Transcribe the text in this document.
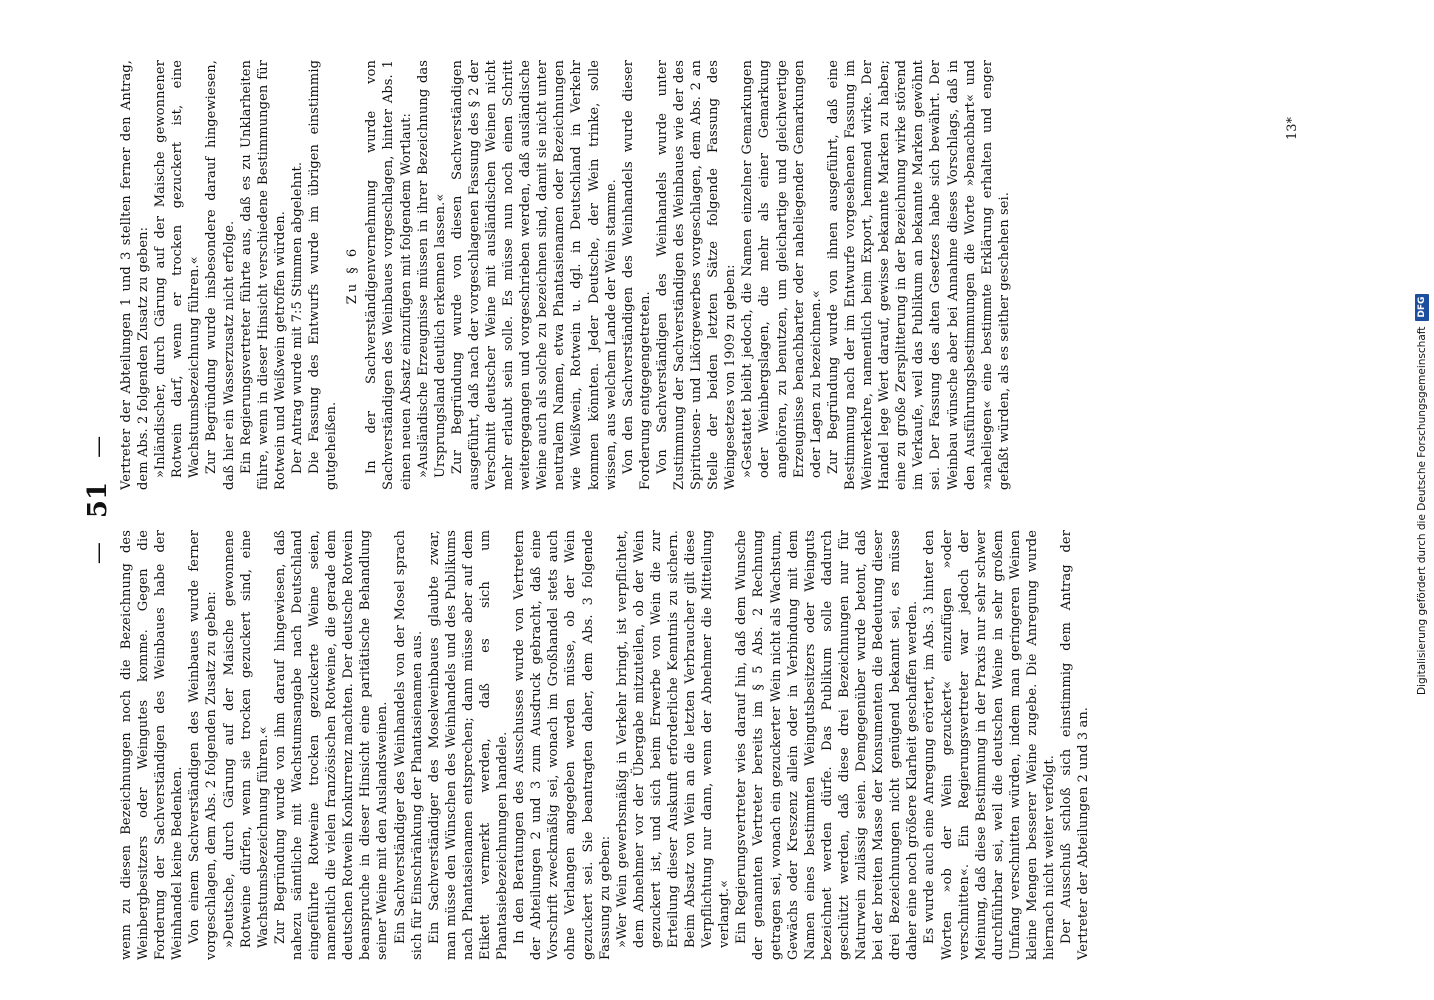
—
51
—

wenn zu diesen Bezeichnungen noch die Bezeichnung des Weinbergbesitzers oder Weingutes komme. Gegen die Forderung der Sachverständigen des Weinbaues habe der Weinhandel keine Bedenken. Von einem Sachverständigen des Weinbaues wurde ferner vorgeschlagen, dem Abs. 2 folgenden Zusatz zu geben: »Deutsche, durch Gärung auf der Maische gewonnene Rotweine dürfen, wenn sie trocken gezuckert sind, eine Wachstumsbezeichnung führen.« Zur Begründung wurde von ihm darauf hingewiesen, daß nahezu sämtliche mit Wachstumsangabe nach Deutschland eingeführte Rotweine trocken gezuckerte Weine seien, namentlich die vielen französischen Rotweine, die gerade dem deutschen Rotwein Konkurrenz machten. Der deutsche Rotwein beanspruche in dieser Hinsicht eine paritätische Behandlung seiner Weine mit den Auslandsweinen. Ein Sachverständiger des Weinhandels von der Mosel sprach sich für Einschränkung der Phantasienamen aus. Ein Sachverständiger des Moselweinbaues glaubte zwar, man müsse den Wünschen des Weinhandels und des Publikums nach Phantasienamen entsprechen; dann müsse aber auf dem Etikett vermerkt werden, daß es sich um Phantasiebezeichnungen handele. In den Beratungen des Ausschusses wurde von Vertretern der Abteilungen 2 und 3 zum Ausdruck gebracht, daß eine Vorschrift zweckmäßig sei, wonach im Großhandel stets auch ohne Verlangen angegeben werden müsse, ob der Wein gezuckert sei. Sie beantragten daher, dem Abs. 3 folgende Fassung zu geben: »Wer Wein gewerbsmäßig in Verkehr bringt, ist verpflichtet, dem Abnehmer vor der Übergabe mitzuteilen, ob der Wein gezuckert ist, und sich beim Erwerbe von Wein die zur Erteilung dieser Auskunft erforderliche Kenntnis zu sichern. Beim Absatz von Wein an die letzten Verbraucher gilt diese Verpflichtung nur dann, wenn der Abnehmer die Mitteilung verlangt.« Ein Regierungsvertreter wies darauf hin, daß dem Wunsche der genannten Vertreter bereits im § 5 Abs. 2 Rechnung getragen sei, wonach ein gezuckerter Wein nicht als Wachstum, Gewächs oder Kreszenz allein oder in Verbindung mit dem Namen eines bestimmten Weingutsbesitzers oder Weinguts bezeichnet werden dürfe. Das Publikum solle dadurch geschützt werden, daß diese drei Bezeichnungen nur für Naturwein zulässig seien. Demgegenüber wurde betont, daß bei der breiten Masse der Konsumenten die Bedeutung dieser drei Bezeichnungen nicht genügend bekannt sei, es müsse daher eine noch größere Klarheit geschaffen werden. Es wurde auch eine Anregung erörtert, im Abs. 3 hinter den Worten »ob der Wein gezuckert« einzufügen »oder verschnitten«. Ein Regierungsvertreter war jedoch der Meinung, daß diese Bestimmung in der Praxis nur sehr schwer durchführbar sei, weil die deutschen Weine in sehr großem Umfang verschnitten würden, indem man geringeren Weinen kleine Mengen besserer Weine zugebe. Die Anregung wurde hiernach nicht weiter verfolgt. Der Ausschuß schloß sich einstimmig dem Antrag der Vertreter der Abteilungen 2 und 3 an.

Vertreter der Abteilungen 1 und 3 stellten ferner den Antrag, dem Abs. 2 folgenden Zusatz zu geben: »Inländischer, durch Gärung auf der Maische gewonnener Rotwein darf, wenn er trocken gezuckert ist, eine Wachstumsbezeichnung führen.« Zur Begründung wurde insbesondere darauf hingewiesen, daß hier ein Wasserzusatz nicht erfolge. Ein Regierungsvertreter führte aus, daß es zu Unklarheiten führe, wenn in dieser Hinsicht verschiedene Bestimmungen für Rotwein und Weißwein getroffen würden. Der Antrag wurde mit 7:5 Stimmen abgelehnt. Die Fassung des Entwurfs wurde im übrigen einstimmig gutgeheißen.

Zu § 6 In der Sachverständigenvernehmung wurde von Sachverständigen des Weinbaues vorgeschlagen, hinter Abs. 1 einen neuen Absatz einzufügen mit folgendem Wortlaut: »Ausländische Erzeugnisse müssen in ihrer Bezeichnung das Ursprungsland deutlich erkennen lassen.« Zur Begründung wurde von diesen Sachverständigen ausgeführt, daß nach der vorgeschlagenen Fassung des § 2 der Verschnitt deutscher Weine mit ausländischen Weinen nicht mehr erlaubt sein solle. Es müsse nun noch einen Schritt weitergegangen und vorgeschrieben werden, daß ausländische Weine auch als solche zu bezeichnen sind, damit sie nicht unter neutralem Namen, etwa Phantasienamen oder Bezeichnungen wie Weißwein, Rotwein u. dgl. in Deutschland in Verkehr kommen könnten. Jeder Deutsche, der Wein trinke, solle wissen, aus welchem Lande der Wein stamme. Von den Sachverständigen des Weinhandels wurde dieser Forderung entgegengetreten. Von Sachverständigen des Weinhandels wurde unter Zustimmung der Sachverständigen des Weinbaues wie der des Spirituosen- und Likörgewerbes vorgeschlagen, dem Abs. 2 an Stelle der beiden letzten Sätze folgende Fassung des Weingesetzes von 1909 zu geben: »Gestattet bleibt jedoch, die Namen einzelner Gemarkungen oder Weinbergslagen, die mehr als einer Gemarkung angehören, zu benutzen, um gleichartige und gleichwertige Erzeugnisse benachbarter oder naheliegender Gemarkungen oder Lagen zu bezeichnen.« Zur Begründung wurde von ihnen ausgeführt, daß eine Bestimmung nach der im Entwurfe vorgesehenen Fassung im Weinverkehre, namentlich beim Export, hemmend wirke. Der Handel lege Wert darauf, gewisse bekannte Marken zu haben; eine zu große Zersplitterung in der Bezeichnung wirke störend im Verkaufe, weil das Publikum an bekannte Marken gewöhnt sei. Der Fassung des alten Gesetzes habe sich bewährt. Der Weinbau wünsche aber bei Annahme dieses Vorschlags, daß in den Ausführungsbestimmungen die Worte »benachbart« und »naheliegen« eine bestimmte Erklärung erhalten und enger gefaßt würden, als es seither geschehen sei.

13*
Digitalisierung gefördert durch die Deutsche Forschungsgemeinschaft
DFG
